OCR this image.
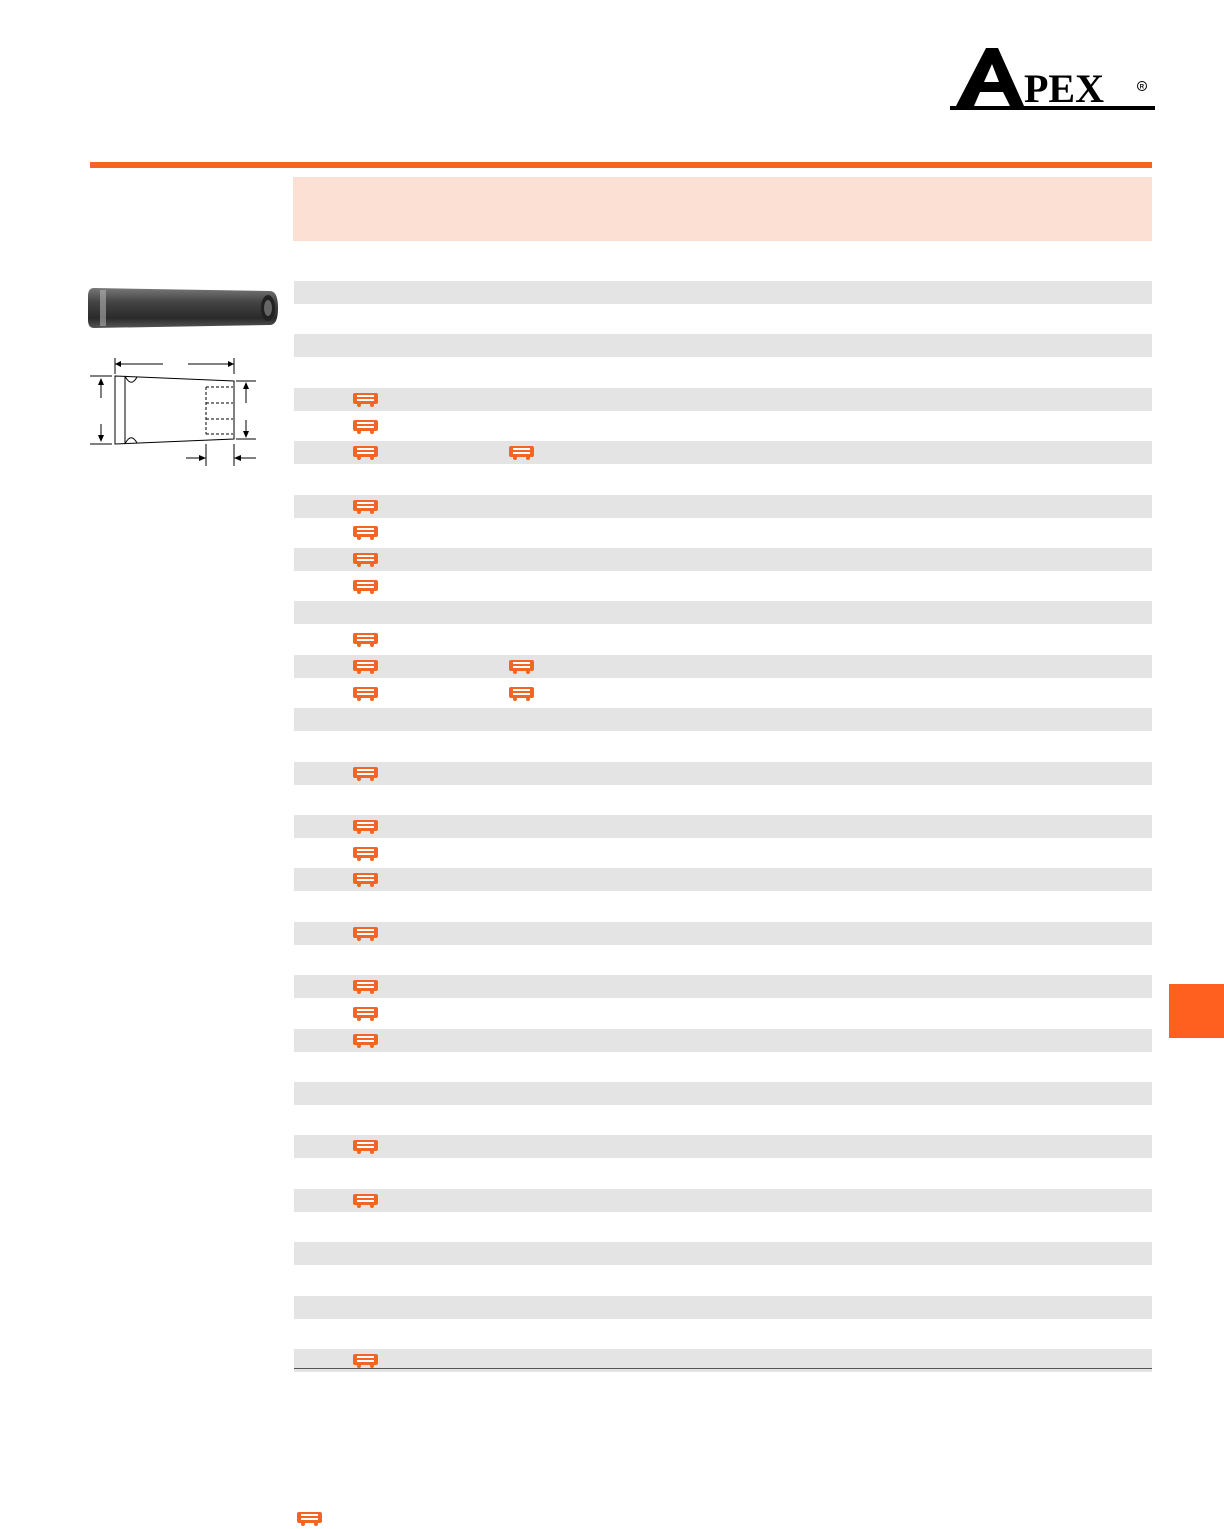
PEX	R
